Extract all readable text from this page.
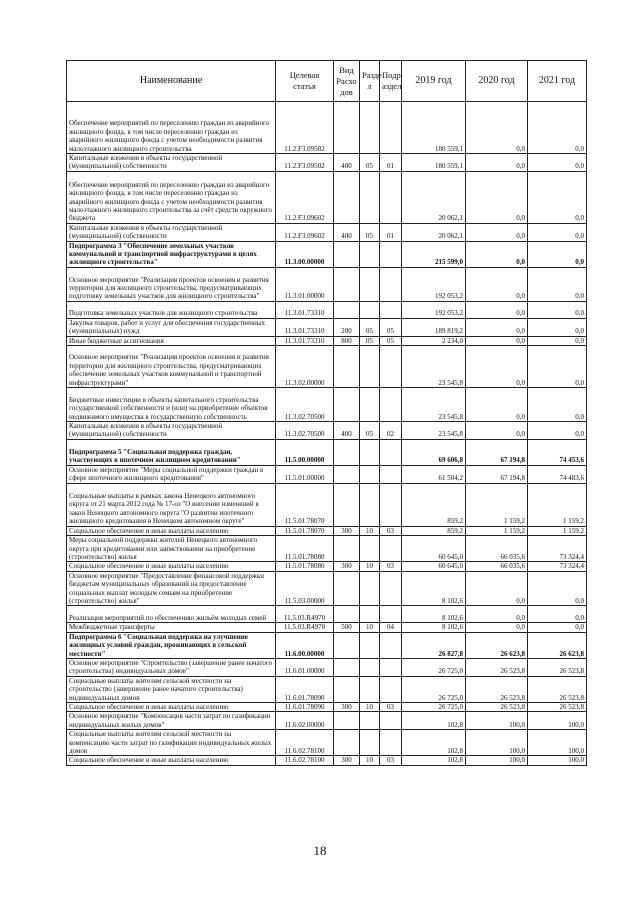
Наименование	Целевая статья	Вид Расхо дов	Разде л	Подр аздел	2019 год	2020 год	2021 год
Обеспечение мероприятий по переселению граждан из аварийного жилищного фонда, в том числе переселению граждан из аварийного жилищного фонда с учетом необходимости развития малоэтажного жилищного строительства	11.2.F3.09502				180 559,1	0,0	0,0
Капитальные вложения в объекты государственной (муниципальной) собственности	11.2.F3.09502	400	05	01	180 559,1	0,0	0,0
Обеспечение мероприятий по переселению граждан из аварийного жилищного фонда, в том числе переселению граждан из аварийного жилищного фонда с учетом необходимости развития малоэтажного жилищного строительства за счёт средств окружного бюджета	11.2.F3.09602				20 062,1	0,0	0,0
Капитальные вложения в объекты государственной (муниципальной) собственности	11.2.F3.09602	400	05	01	20 062,1	0,0	0,0
Подпрограмма 3 "Обеспечение земельных участков коммунальной и транспортной инфраструктурами в целях жилищного строительства"	11.3.00.00000				215 599,0	0,0	0,0
Основное мероприятие "Реализация проектов освоения и развития территории для жилищного строительства, предусматривающих подготовку земельных участков для жилищного строительства"	11.3.01.00000				192 053,2	0,0	0,0
Подготовка земельных участков для жилищного строительства	11.3.01.73310				192 053,2	0,0	0,0
Закупка товаров, работ и услуг для обеспечения государственных (муниципальных) нужд	11.3.01.73310	200	05	05	189 819,2	0,0	0,0
Иные бюджетные ассигнования	11.3.01.73310	800	05	05	2 234,0	0,0	0,0
Основное мероприятие "Реализация проектов освоения и развития территории для жилищного строительства, предусматривающих обеспечение земельных участков коммунальной и транспортной инфраструктурами"	11.3.02.00000				23 545,8	0,0	0,0
Бюджетные инвестиции в объекты капитального строительства государственной собственности и (или) на приобретение объектов недвижимого имущества в государственную собственность	11.3.02.70500				23 545,8	0,0	0,0
Капитальные вложения в объекты государственной (муниципальной) собственности	11.3.02.70500	400	05	02	23 545,8	0,0	0,0
Подпрограмма 5 "Социальная поддержка граждан, участвующих в ипотечном жилищном кредитовании"	11.5.00.00000				69 606,8	67 194,8	74 453,6
Основное мероприятие "Меры социальной поддержки граждан в сфере ипотечного жилищного кредитования"	11.5.01.00000				61 504,2	67 194,8	74 483,6
Социальные выплаты в рамках закона Ненецкого автономного округа от 21 марта 2012 года № 17-оз "О внесении изменений в закон Ненецкого автономного округа "О развитии ипотечного жилищного кредитования в Ненецком автономном округе"	11.5.01.78070				859,2	1 159,2	1 159,2
Социальное обеспечение и иные выплаты населению	11.5.01.78070	300	10	03	859,2	1 159,2	1 159,2
Меры социальной поддержки жителей Ненецкого автономного округа при кредитовании или заимствовании на приобретение (строительство) жилья	11.5.01.78080				60 645,0	66 035,6	73 324,4
Социальное обеспечение и иные выплаты населению	11.5.01.78080	300	10	03	60 645,0	66 035,6	73 324,4
Основное мероприятие "Предоставление финансовой поддержки бюджетам муниципальных образований на предоставление социальных выплат молодым семьям на приобретение (строительство) жилья"	11.5.03.00000				8 102,6	0,0	0,0
Реализация мероприятий по обеспечению жильём молодых семей	11.5.03.R4970				8 102,6	0,0	0,0
Межбюджетные трансферты	11.5.03.R4970	500	10	04	8 102,6	0,0	0,0
Подпрограмма 6 "Социальная поддержка на улучшение жилищных условий граждан, проживающих в сельской местности"	11.6.00.00000				26 827,8	26 623,8	26 623,8
Основное мероприятие "Строительство (завершение ранее начатого строительства) индивидуальных домов"	11.6.01.00000				26 725,0	26 523,8	26 523,8
Социальные выплаты жителям сельской местности на строительство (завершение ранее начатого строительства) индивидуальных домов	11.6.01.78090				26 725,0	26 523,8	26 523,8
Социальное обеспечение и иные выплаты населению	11.6.01.78090	300	10	03	26 725,0	26 523,8	26 523,8
Основное мероприятие "Компенсация части затрат по газификации индивидуальных жилых домов"	11.6.02.00000				102,8	100,0	100,0
Социальные выплаты жителям сельской местности на компенсацию части затрат по газификации индивидуальных жилых домов	11.6.02.78100				102,8	100,0	100,0
Социальное обеспечение и иные выплаты населению	11.6.02.78100	300	10	03	102,8	100,0	100,0
18
